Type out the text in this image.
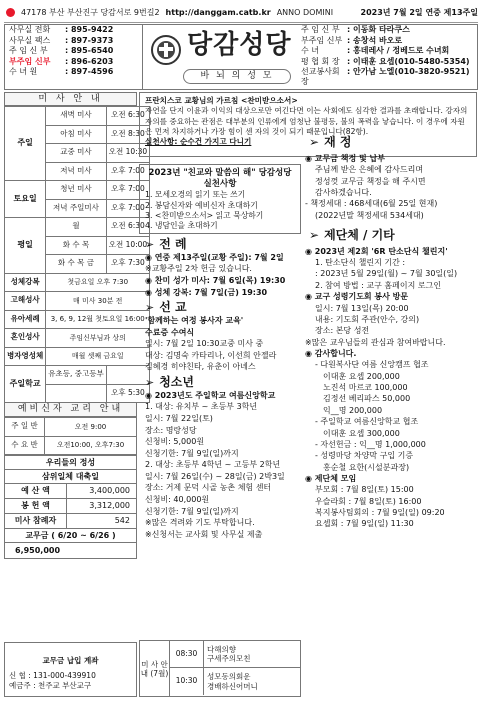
47178 부산 부산진구 당감서로 9번길2 http://danggam.catb.kr ANNO DOMINI	2023년 7월 2일 연중 제13주일
사무실 전화	: 895-9422
사무실 팩스	: 897-9373
주 임 신 부	: 895-6540
부주임 신부	: 896-6203
수 녀 원	: 897-4596
당감성당
바 뇌 의 성 모
주 임 신 부 : 이동화 타라쿠스
부주임 신부 : 송창석 바오로
수 녀	: 홍데레사 / 정베드로 수녀회
평 협 회 장 : 이태훈 요셉(010-5480-5354)
선교봉사회장
: 안가남 노엘(010-3820-9521)
미 사 안 내
주일	새벽 미사	오전 6:30
	아침 미사	오전 8:30
	교중 미사	오전 10:30
	저녁 미사	오후 7:00
토요일	청년 미사	오후 7:00
	저녁 주일미사	오후 7:00
평일	월	오전 6:30
	화 수 목	오전 10:00
	화 수 목 금	오후 7:30
성체강복	첫금요일 오후 7:30	
고해성사	매 미사 30분 전	
유아세례	3, 6, 9, 12월 첫토요일 16:00	
혼인성사	주임신부님과 상의	
병자영성체	매월 셋째 금요일	
주일학교	유초등, 중고등부	
		오후 5:30
예비신자 교리 안내
주 일 반	오전 9:00
수 요 반	오전10:00, 오후7:30
우리들의 정성
삼위일체 대축일
예 산 액	3,400,000
봉 헌 액	3,312,000
미사 참례자	542
교무금 ( 6/20 ~ 6/26 )
6,950,000
교무금 납입 계좌
신 협 : 131-000-439910
예금주 : 천주교 부산교구
프란치스코 교황님의 가르침 <찬미받으소서>
자연을 단지 이윤과 이익의 대상으로만 여긴다면 이는 사회에도 심각한 결과를 초래합니다. 강자의 자의를 중요하는 관점은 대부분의 인류에게 엄청난 불평등, 불의 폭력을 낳습니다. 이 경우에 자원은 먼저 차지하거나 가장 힘이 센 자의 것이 되기 때문입니다(82항).
실천사항: 순수건 가지고 다니기
2023년 "친교와 말씀의 해" 당감성당 실천사항
1. 모세오경의 읽기 또는 쓰기
2. 봉담신자와 예비신자 초대하기
3. <찬미받으소서> 읽고 묵상하기
4. 냉담인을 초대하기
➢ 전 례
◉ 연중 제13주일(교황 주일): 7월 2일
※교황주일 2차 헌금 있습니다.
◉ 찬미 성가 미사: 7월 6일(목) 19:30
◉ 성체 강복: 7월 7일(금) 19:30
➢ 선 교
'함께하는 여정 봉사자 교육'
수료증 수여식
일시: 7월 2일 10:30교중 미사 중
대상: 김명숙 카타리나, 이선희 안젤라
김혜경 히야친타, 유춘이 아녜스
➢ 청소년
◉ 2023년도 주일학교 여름신앙학교
1. 대상: 유치부 ~ 초등부 3학년
일시: 7월 22일(토)
장소: 명랑성당
신청비: 5,000원
신청기한: 7월 9일(일)까지
2. 대상: 초등부 4학년 ~ 고등부 2학년
일시: 7월 26일(수) ~ 28일(금) 2박3일
장소: 거제 문덕 시골 농촌 체험 센터
신청비: 40,000원
신청기한: 7월 9일(일)까지
※많은 격려와 기도 부탁합니다.
※신청서는 교사회 및 사무실 제출
미 사 안 내 (7월)
08:30	다해의향
구세주의모친
10:30	성모동의회운
경배하신어머니
➢ 재 정
◉ 교무금 책정 및 납부
주님께 받은 은혜에 감사드리며
정성껏 교무금 책정을 해 주시면
감사하겠습니다.
- 책정세대 : 468세대(6월 25일 현재)
(2022년말 책정세대 534세대)
➢ 제단체 / 기타
◉ 2023년 제2회 '6R 탄소단식 챌린지'
1. 탄소단식 챌린지 기간 :
: 2023년 5월 29일(월) ~ 7월 30일(일)
2. 참여 방법 : 교구 홈페이지 로그인
◉ 교구 성령기도회 봉사 방문
일시: 7월 13일(목) 20:00
내용: 기도회 주관(안수, 강의)
장소: 본당 성전
※많은 교우님들의 관심과 참여바랍니다.
◉ 감사합니다.
- 다원복사단 여름 신앙캠프 협조
이대훈 요셉 200,000
노진석 마르코 100,000
김정선 베리파스 50,000
익__명 200,000
- 주일학교 여름신앙학교 협조
이대훈 요셉 300,000
- 자선헌금 : 익__명 1,000,000
- 성령마당 차양막 구입 기증
홍순철 요한(시설분과장)
◉ 제단체 모임
부모회 : 7월 8일(토) 15:00
우슬라회 : 7월 8일(토) 16:00
복지봉사팀회의 : 7월 9일(일) 09:20
요셉회 : 7월 9일(일) 11:30
